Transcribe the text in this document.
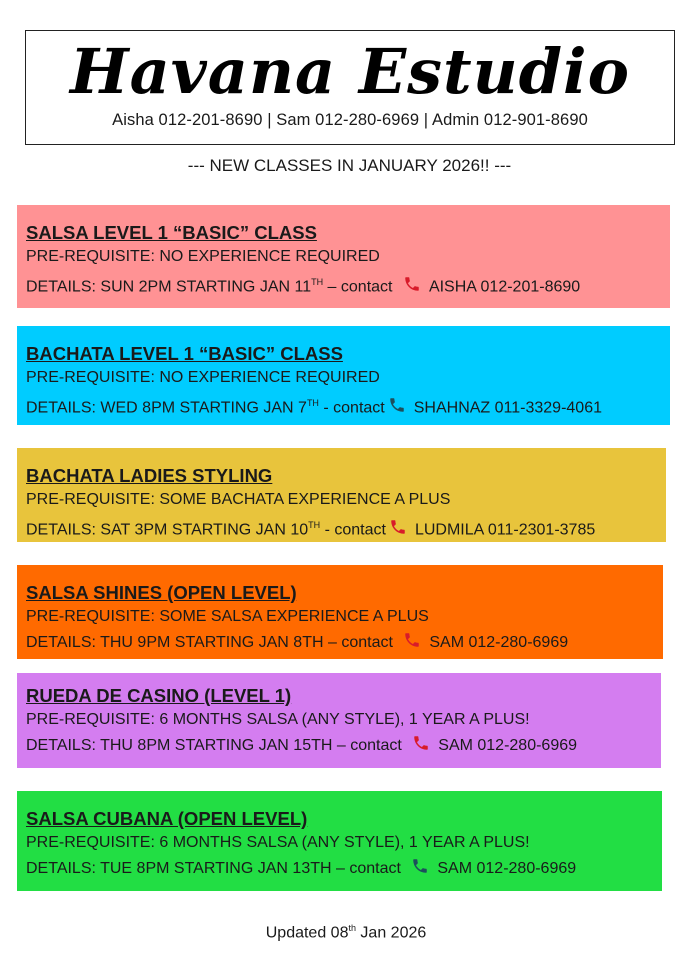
Havana Estudio
Aisha 012-201-8690 | Sam 012-280-6969 | Admin 012-901-8690
--- NEW CLASSES IN JANUARY 2026!! ---
SALSA LEVEL 1 “BASIC” CLASS
PRE-REQUISITE: NO EXPERIENCE REQUIRED
DETAILS: SUN 2PM STARTING JAN 11TH – contact AISHA 012-201-8690
BACHATA LEVEL 1 “BASIC” CLASS
PRE-REQUISITE: NO EXPERIENCE REQUIRED
DETAILS: WED 8PM STARTING JAN 7TH - contact SHAHNAZ 011-3329-4061
BACHATA LADIES STYLING
PRE-REQUISITE: SOME BACHATA EXPERIENCE A PLUS
DETAILS: SAT 3PM STARTING JAN 10TH - contact LUDMILA 011-2301-3785
SALSA SHINES (OPEN LEVEL)
PRE-REQUISITE: SOME SALSA EXPERIENCE A PLUS
DETAILS: THU 9PM STARTING JAN 8TH – contact SAM 012-280-6969
RUEDA DE CASINO (LEVEL 1)
PRE-REQUISITE: 6 MONTHS SALSA (ANY STYLE), 1 YEAR A PLUS!
DETAILS: THU 8PM STARTING JAN 15TH – contact SAM 012-280-6969
SALSA CUBANA (OPEN LEVEL)
PRE-REQUISITE: 6 MONTHS SALSA (ANY STYLE), 1 YEAR A PLUS!
DETAILS: TUE 8PM STARTING JAN 13TH – contact SAM 012-280-6969
Updated 08th Jan 2026
